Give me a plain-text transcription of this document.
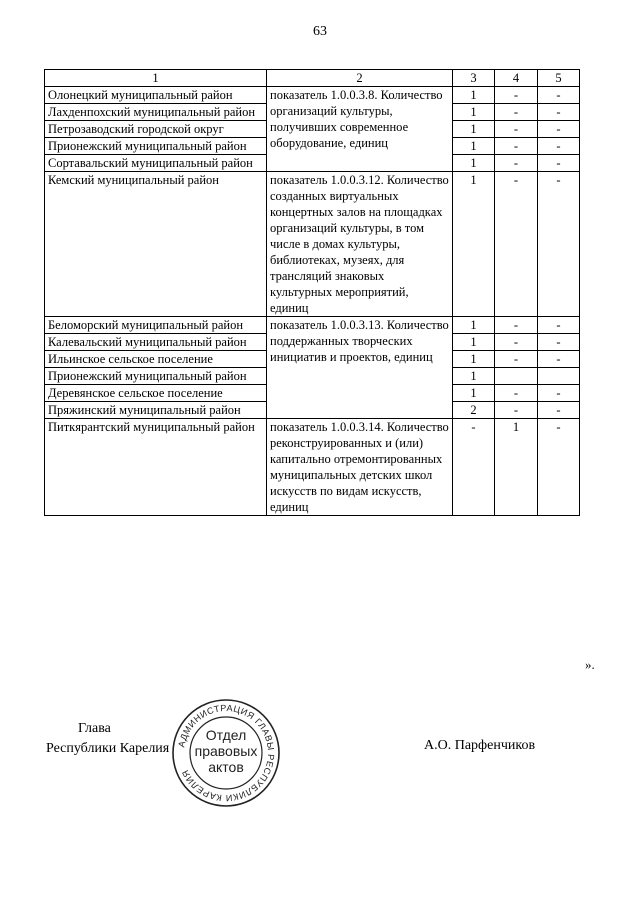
63
1	2	3	4	5
Олонецкий муниципальный район	показатель 1.0.0.3.8. Количество организаций культуры, получивших современное оборудование, единиц	1	-	-
Лахденпохский муниципальный район		1	-	-
Петрозаводский городской округ		1	-	-
Прионежский муниципальный район		1	-	-
Сортавальский муниципальный район		1	-	-
Кемский муниципальный район	показатель 1.0.0.3.12. Количество созданных виртуальных концертных залов на площадках организаций культуры, в том числе в домах культуры, библиотеках, музеях, для трансляций знаковых культурных мероприятий, единиц	1	-	-
Беломорский муниципальный район	показатель 1.0.0.3.13. Количество поддержанных творческих инициатив и проектов, единиц	1	-	-
Калевальский муниципальный район		1	-	-
Ильинское сельское поселение		1	-	-
Прионежский муниципальный район		1		
Деревянское сельское поселение		1	-	-
Пряжинский муниципальный район		2	-	-
Питкярантский муниципальный район	показатель 1.0.0.3.14. Количество реконструированных и (или) капитально отремонтированных муниципальных детских школ искусств по видам искусств, единиц	-	1	-
».
Глава
Республики Карелия АДМИНИСТРАЦИЯ ГЛАВЫ РЕСПУБЛИКИ КАРЕЛИЯ
Отдел
правовых
актов
А.О. Парфенчиков
